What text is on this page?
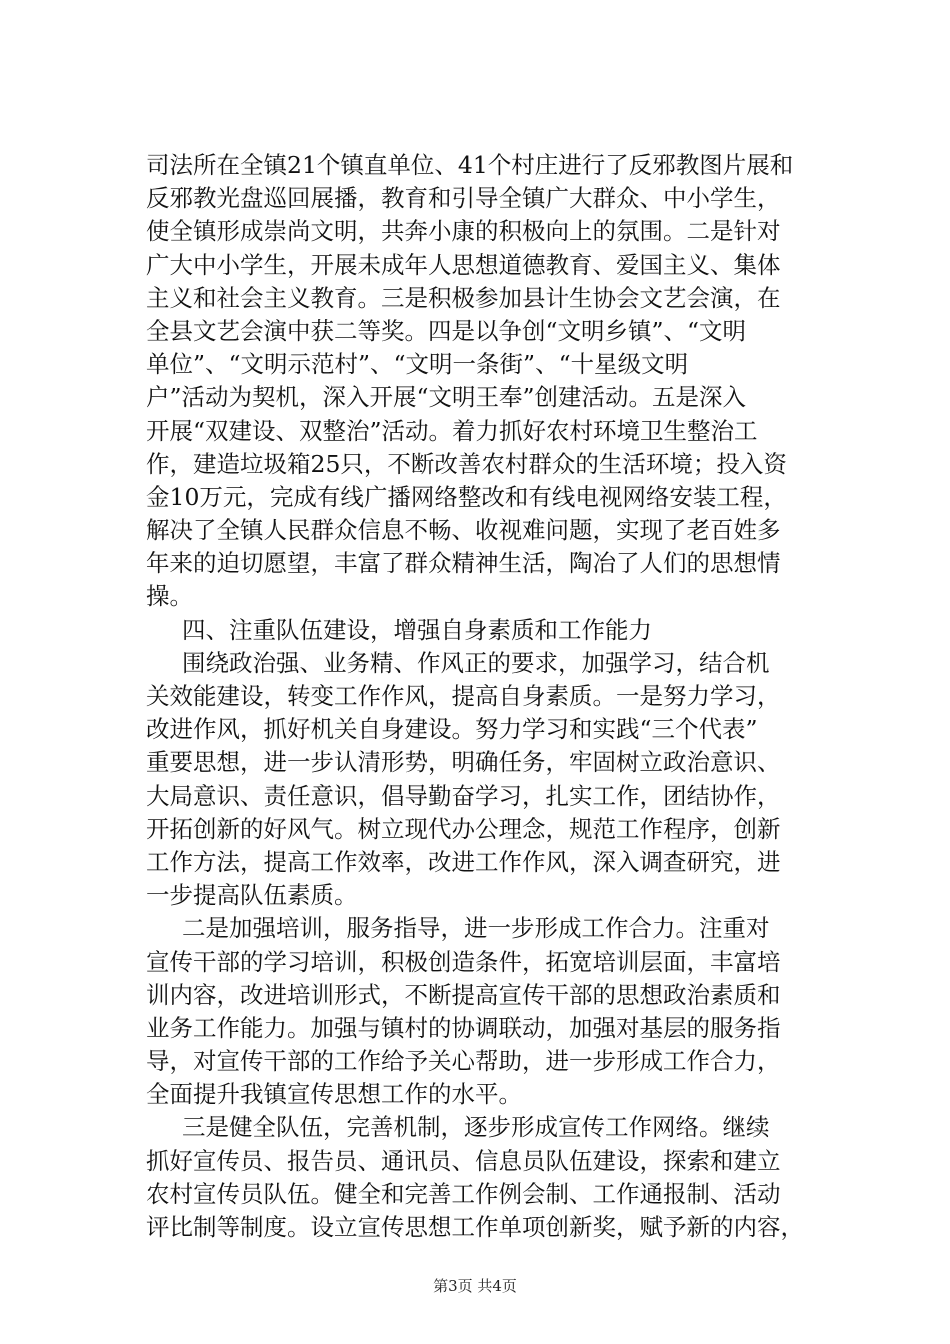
司法所在全镇21个镇直单位、41个村庄进行了反邪教图片展和
反邪教光盘巡回展播，教育和引导全镇广大群众、中小学生，
使全镇形成崇尚文明，共奔小康的积极向上的氛围。二是针对
广大中小学生，开展未成年人思想道德教育、爱国主义、集体
主义和社会主义教育。三是积极参加县计生协会文艺会演，在
全县文艺会演中获二等奖。四是以争创“文明乡镇”、“文明
单位”、“文明示范村”、“文明一条街”、“十星级文明
户”活动为契机，深入开展“文明王奉”创建活动。五是深入
开展“双建设、双整治”活动。着力抓好农村环境卫生整治工
作，建造垃圾箱25只，不断改善农村群众的生活环境；投入资
金10万元，完成有线广播网络整改和有线电视网络安装工程，
解决了全镇人民群众信息不畅、收视难问题，实现了老百姓多
年来的迫切愿望，丰富了群众精神生活，陶冶了人们的思想情
操。
四、注重队伍建设，增强自身素质和工作能力
围绕政治强、业务精、作风正的要求，加强学习，结合机
关效能建设，转变工作作风，提高自身素质。一是努力学习，
改进作风，抓好机关自身建设。努力学习和实践“三个代表”
重要思想，进一步认清形势，明确任务，牢固树立政治意识、
大局意识、责任意识，倡导勤奋学习，扎实工作，团结协作，
开拓创新的好风气。树立现代办公理念，规范工作程序，创新
工作方法，提高工作效率，改进工作作风，深入调查研究，进
一步提高队伍素质。
二是加强培训，服务指导，进一步形成工作合力。注重对
宣传干部的学习培训，积极创造条件，拓宽培训层面，丰富培
训内容，改进培训形式，不断提高宣传干部的思想政治素质和
业务工作能力。加强与镇村的协调联动，加强对基层的服务指
导，对宣传干部的工作给予关心帮助，进一步形成工作合力，
全面提升我镇宣传思想工作的水平。
三是健全队伍，完善机制，逐步形成宣传工作网络。继续
抓好宣传员、报告员、通讯员、信息员队伍建设，探索和建立
农村宣传员队伍。健全和完善工作例会制、工作通报制、活动
评比制等制度。设立宣传思想工作单项创新奖，赋予新的内容，
第3页 共4页
